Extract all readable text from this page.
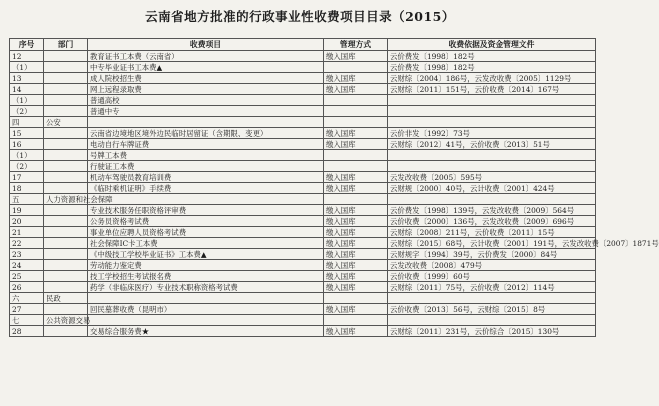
云南省地方批准的行政事业性收费项目目录（2015）
序号	部门	收费项目	管理方式	收费依据及资金管理文件
12		教育证书工本费（云南省）	缴入国库	云价费发〔1998〕182号
（1）		中专毕业证书工本费▲		云价费发〔1998〕182号
13		成人院校招生费	缴入国库	云财综〔2004〕186号，云发改收费〔2005〕1129号
14		网上远程录取费	缴入国库	云财综〔2011〕151号，云价收费〔2014〕167号
（1）		普通高校		
（2）		普通中专		
四	公安			
15		云南省边境地区境外边民临时居留证（含期限、变更）	缴入国库	云价非发〔1992〕73号
16		电动自行车牌证费	缴入国库	云财综〔2012〕41号，云价收费〔2013〕51号
（1）		号牌工本费		
（2）		行驶证工本费		
17		机动车驾驶员教育培训费	缴入国库	云发改收费〔2005〕595号
18		《临时乘机证明》手续费	缴入国库	云财规〔2000〕40号，云计收费〔2001〕424号
五	人力资源和社会保障			
19		专业技术服务任职资格评审费	缴入国库	云价费发〔1998〕139号，云发改收费〔2009〕564号
20		公务员资格考试费	缴入国库	云价收费〔2000〕136号，云发改收费〔2009〕696号
21		事业单位应聘人员资格考试费	缴入国库	云财综〔2008〕211号，云价收费〔2011〕15号
22		社会保障IC卡工本费	缴入国库	云财综〔2015〕68号，云计收费〔2001〕191号，云发改收费〔2007〕1871号
23		《中级技工学校毕业证书》工本费▲	缴入国库	云财规字〔1994〕39号，云价费发〔2000〕84号
24		劳动能力鉴定费	缴入国库	云发改收费〔2008〕479号
25		技工学校招生考试报名费	缴入国库	云价收费〔1999〕60号
26		药学（非临床医疗）专业技术职称资格考试费	缴入国库	云财综〔2011〕75号，云价收费〔2012〕114号
六	民政			
27		回民墓葬收费（昆明市）	缴入国库	云价收费〔2013〕56号，云财综〔2015〕8号
七	公共资源交易			
28		交易综合服务费★	缴入国库	云财综〔2011〕231号，云价综合〔2015〕130号
